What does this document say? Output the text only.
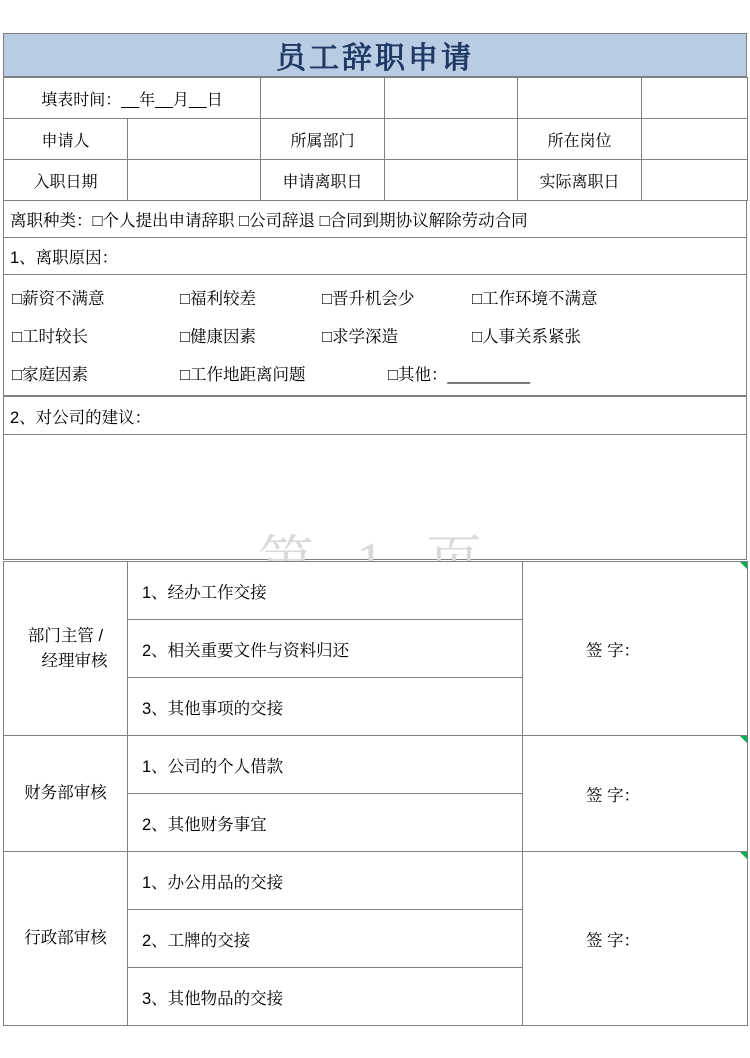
员工辞职申请
填表时间：__年__月__日					
申请人		所属部门		所在岗位	
入职日期		申请离职日		实际离职日	
离职种类：□个人提出申请辞职 □公司辞退 □合同到期协议解除劳动合同
1、离职原因：

□薪资不满意	□福利较差	□晋升机会少	□工作环境不满意
□工时较长	□健康因素	□求学深造	□人事关系紧张
□家庭因素	□工作地距离问题	□其他：_________
2、对公司的建议：

部门主管 /
经理审核	1、经办工作交接	签 字：
	2、相关重要文件与资料归还	
	3、其他事项的交接	
财务部审核	1、公司的个人借款	签 字：
	2、其他财务事宜	
行政部审核	1、办公用品的交接	签 字：
	2、工牌的交接	
	3、其他物品的交接	
